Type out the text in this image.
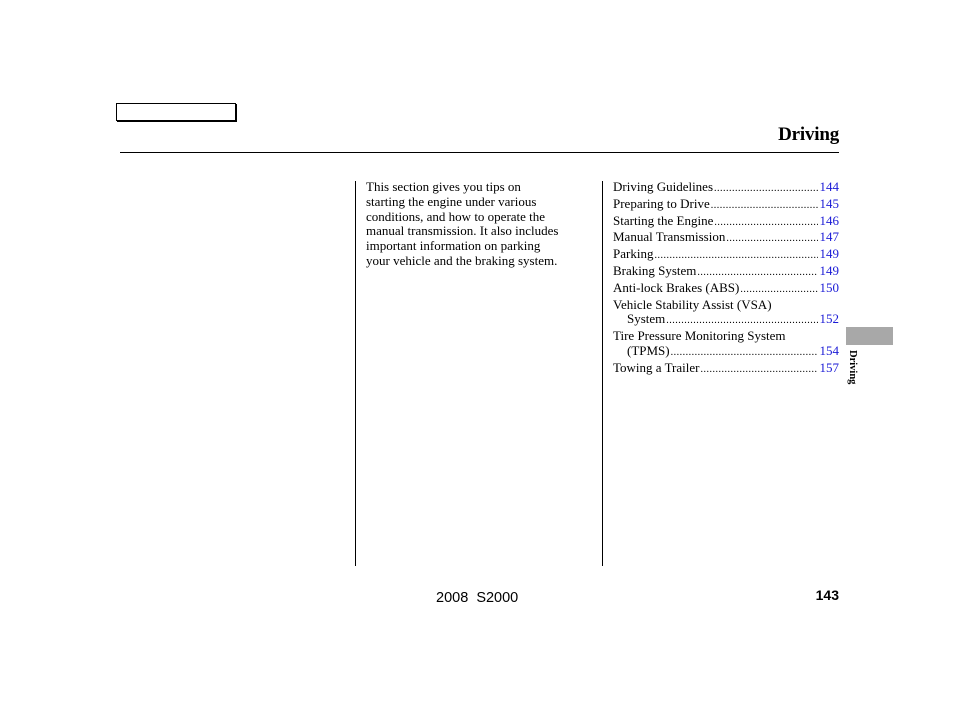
Driving

This section gives you tips on
starting the engine under various
conditions, and how to operate the
manual transmission. It also includes
important information on parking
your vehicle and the braking system.

Driving Guidelines .....	144
Preparing to Drive .....	145
Starting the Engine .....	146
Manual Transmission .....	147
Parking .....	149
Braking System .....	149
Anti-lock Brakes (ABS) .....	150
Vehicle Stability Assist (VSA)
System .....	152
Tire Pressure Monitoring System
(TPMS) .....	154
Towing a Trailer .....	157 Driving
2008  S2000	143
